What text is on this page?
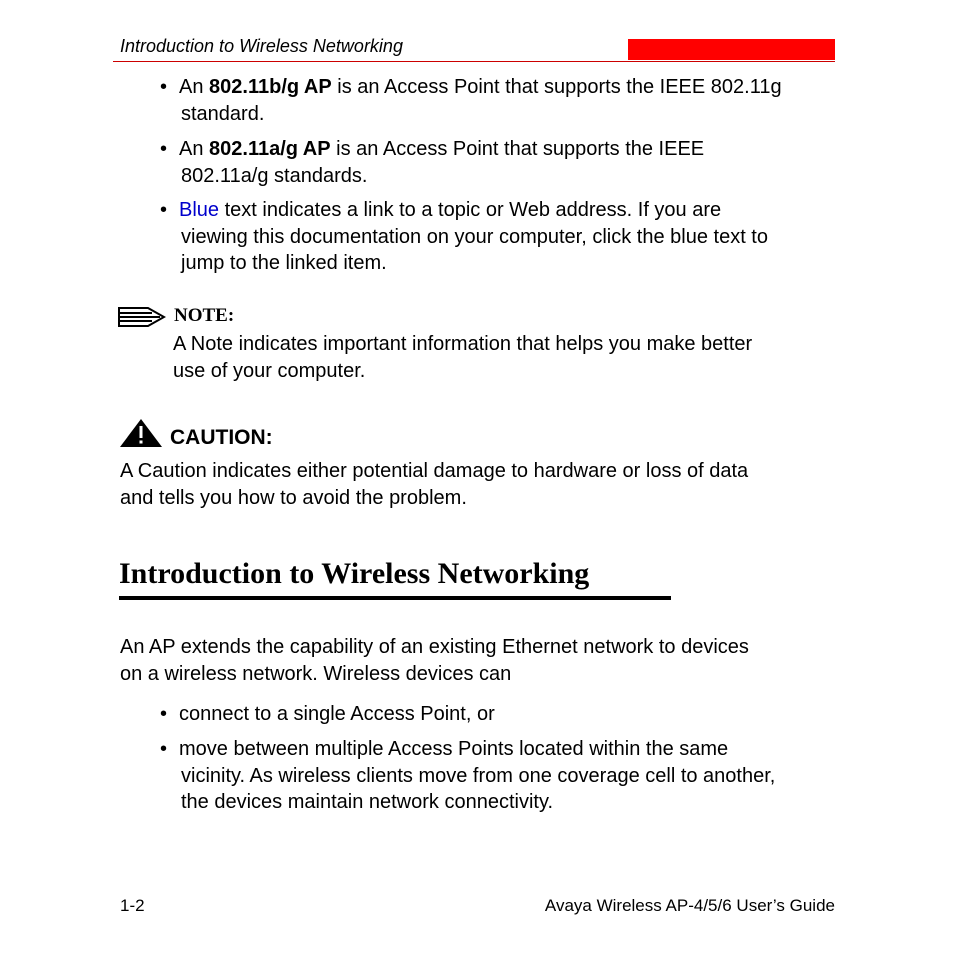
Introduction to Wireless Networking
• An 802.11b/g AP is an Access Point that supports the IEEE 802.11g
standard.
• An 802.11a/g AP is an Access Point that supports the IEEE
802.11a/g standards.
• Blue text indicates a link to a topic or Web address. If you are
viewing this documentation on your computer, click the blue text to
jump to the linked item.
NOTE:
A Note indicates important information that helps you make better
use of your computer.
CAUTION:
A Caution indicates either potential damage to hardware or loss of data
and tells you how to avoid the problem.
Introduction to Wireless Networking
An AP extends the capability of an existing Ethernet network to devices
on a wireless network. Wireless devices can
• connect to a single Access Point, or
• move between multiple Access Points located within the same
vicinity. As wireless clients move from one coverage cell to another,
the devices maintain network connectivity.
1-2	Avaya Wireless AP-4/5/6 User’s Guide
